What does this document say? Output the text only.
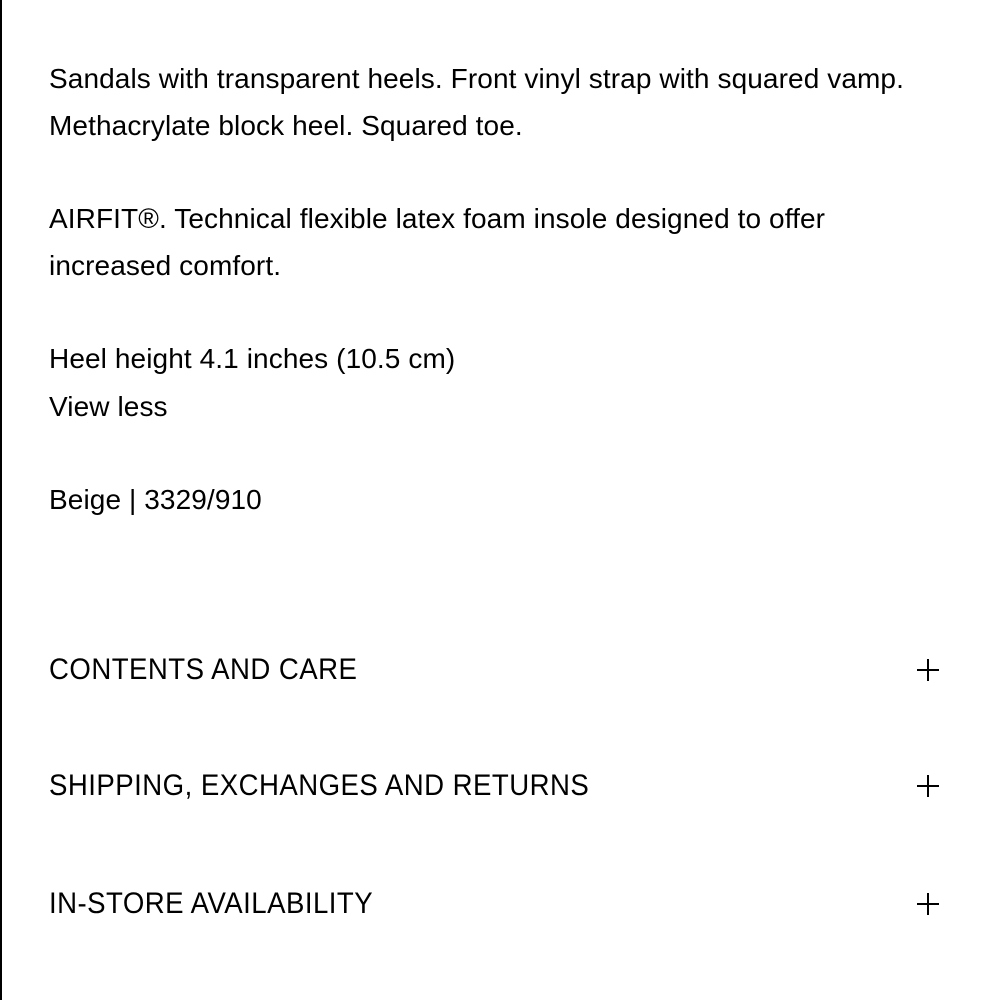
Sandals with transparent heels. Front vinyl strap with squared vamp.
Methacrylate block heel. Squared toe.
AIRFIT®. Technical flexible latex foam insole designed to offer
increased comfort.
Heel height 4.1 inches (10.5 cm)
View less
Beige | 3329/910
CONTENTS AND CARE
SHIPPING, EXCHANGES AND RETURNS
IN-STORE AVAILABILITY
